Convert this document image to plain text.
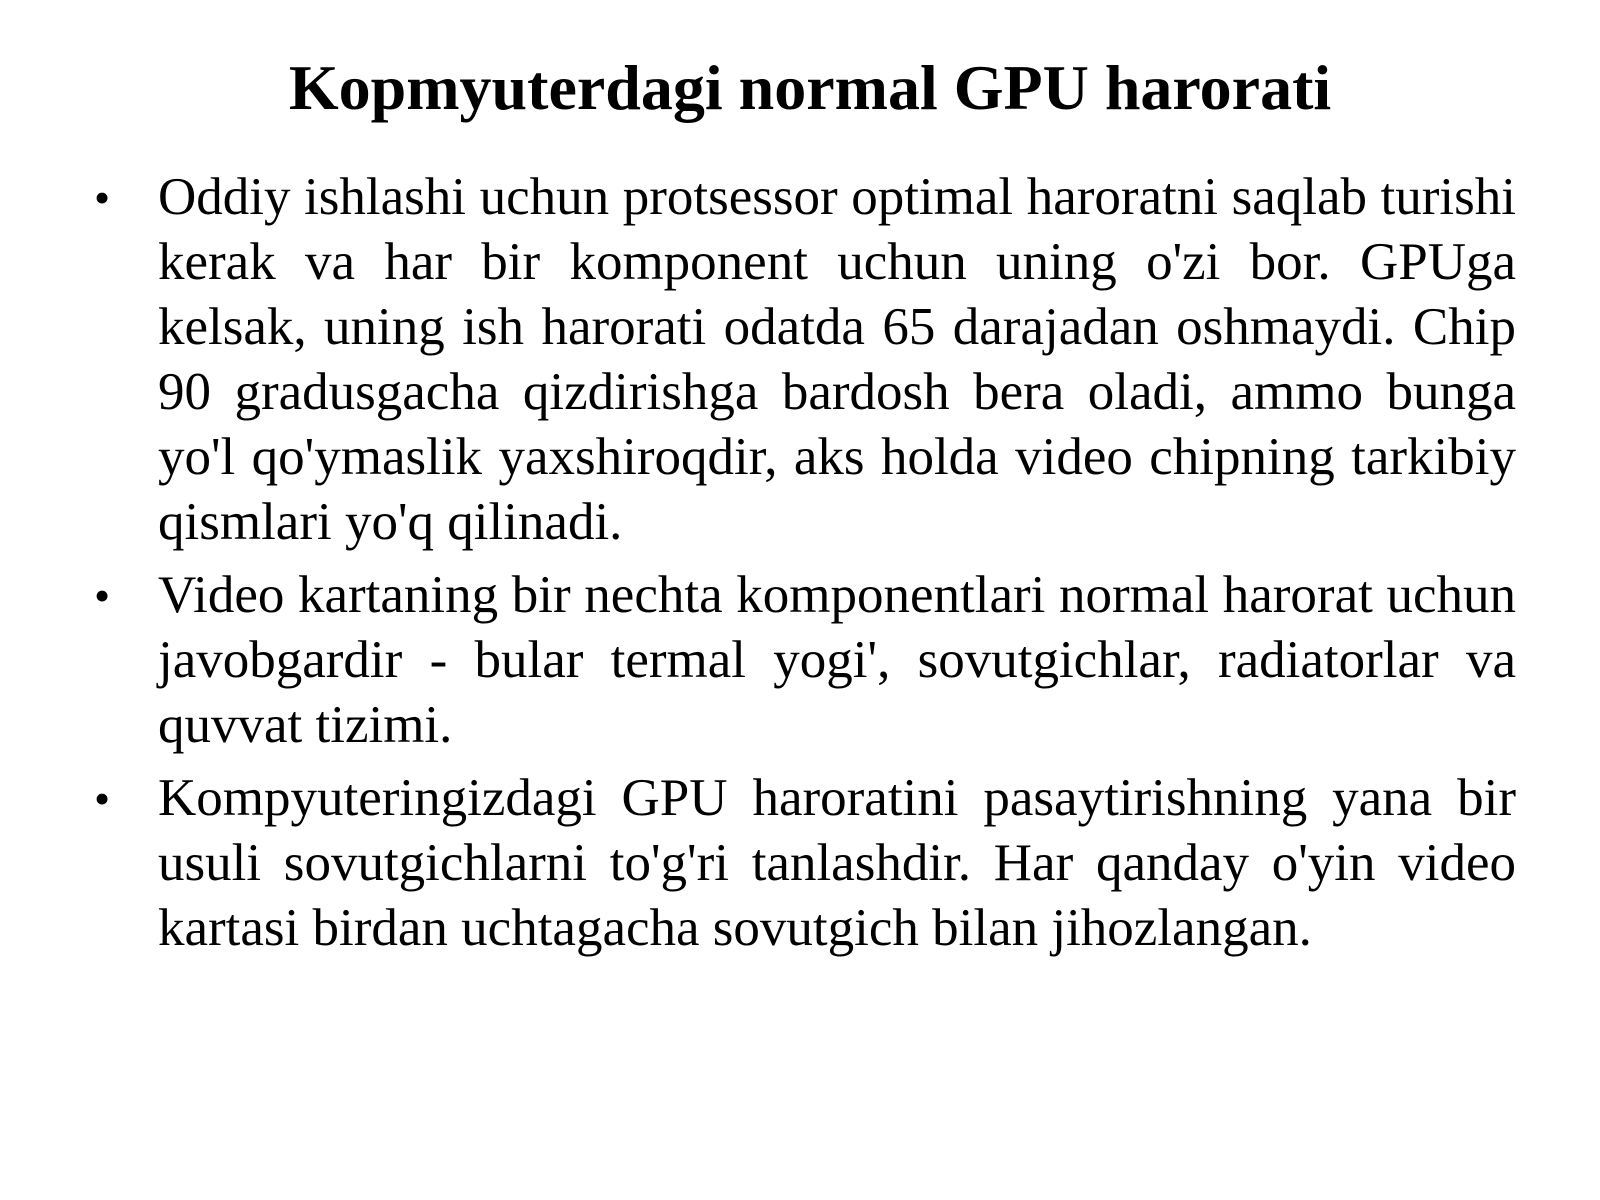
Kopmyuterdagi normal GPU harorati
• Oddiy ishlashi uchun protsessor optimal haroratni saqlab turishi kerak va har bir komponent uchun uning o'zi bor. GPUga kelsak, uning ish harorati odatda 65 darajadan oshmaydi. Chip 90 gradusgacha qizdirishga bardosh bera oladi, ammo bunga yo'l qo'ymaslik yaxshiroqdir, aks holda video chipning tarkibiy qismlari yo'q qilinadi.
• Video kartaning bir nechta komponentlari normal harorat uchun javobgardir - bular termal yogi', sovutgichlar, radiatorlar va quvvat tizimi.
• Kompyuteringizdagi GPU haroratini pasaytirishning yana bir usuli sovutgichlarni to'g'ri tanlashdir. Har qanday o'yin video kartasi birdan uchtagacha sovutgich bilan jihozlangan.
